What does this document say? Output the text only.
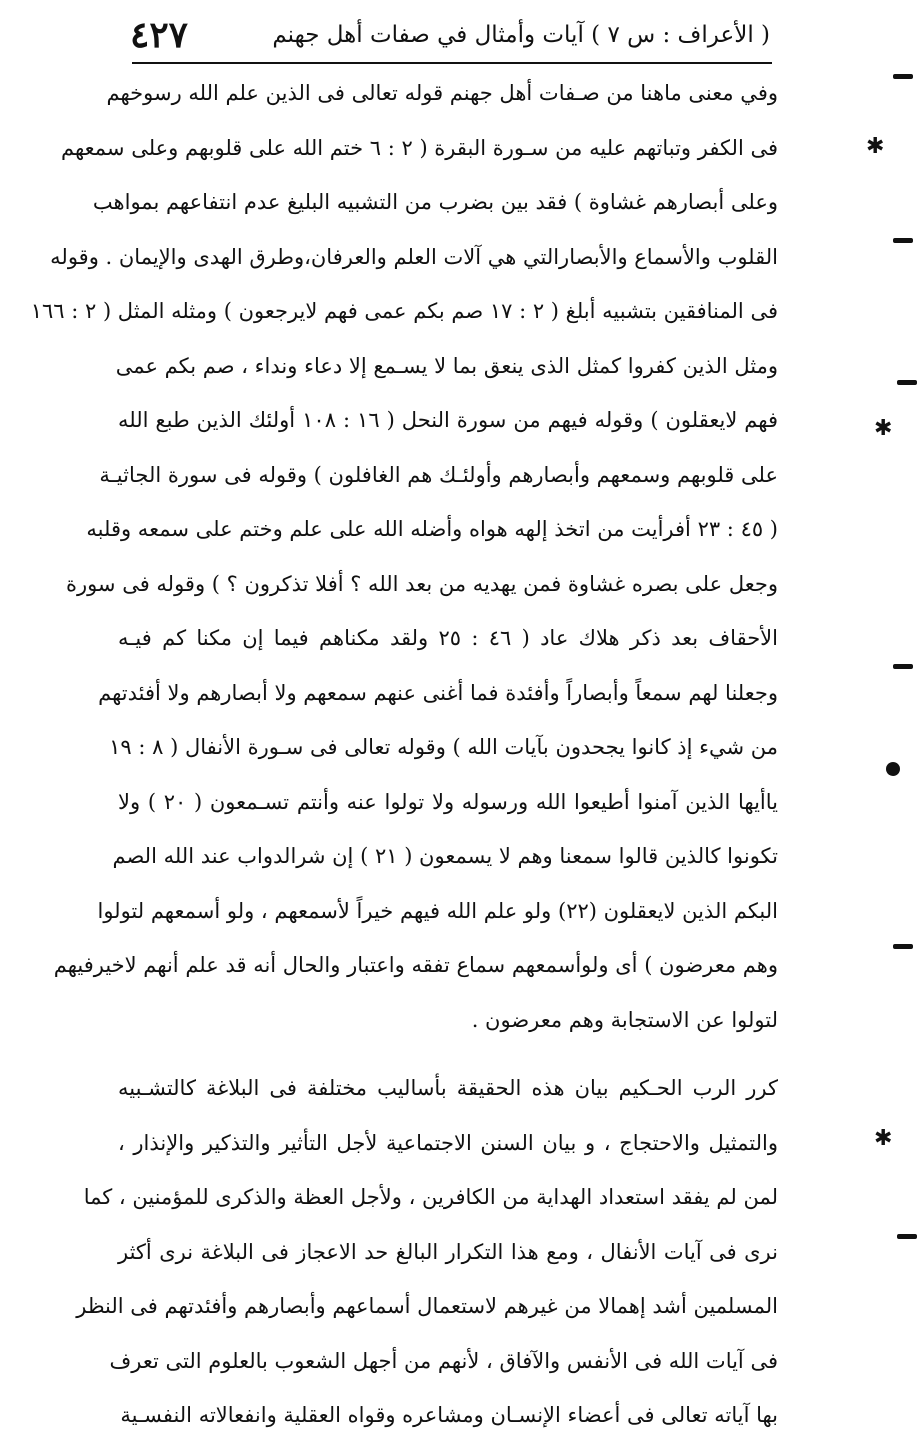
( الأعراف : س ٧ ) آيات وأمثال في صفات أهل جهنم
٤٢٧
وفي معنى ماهنا من صـفات أهل جهنم قوله تعالى فى الذين علم الله رسوخهم
فى الكفر وتباتهم عليه من سـورة البقرة ( ٢ : ٦ ختم الله على قلوبهم وعلى سمعهم
وعلى أبصارهم غشاوة ) فقد بين بضرب من التشبيه البليغ عدم انتفاعهم بمواهب
القلوب والأسماع والأبصارالتي هي آلات العلم والعرفان،وطرق الهدى والإيمان . وقوله
فى المنافقين بتشبيه أبلغ ( ٢ : ١٧ صم بكم عمى فهم لايرجعون ) ومثله المثل ( ٢ : ١٦٦
ومثل الذين كفروا كمثل الذى ينعق بما لا يسـمع إلا دعاء ونداء ، صم بكم عمى
فهم لايعقلون ) وقوله فيهم من سورة النحل ( ١٦ : ١٠٨ أولئك الذين طبع الله
على قلوبهم وسمعهم وأبصارهم وأولئـك هم الغافلون ) وقوله فى سورة الجاثيـة
( ٤٥ : ٢٣ أفرأيت من اتخذ إلهه هواه وأضله الله على علم وختم على سمعه وقلبه
وجعل على بصره غشاوة فمن يهديه من بعد الله ؟ أفلا تذكرون ؟ ) وقوله فى سورة
الأحقاف بعد ذكر هلاك عاد ( ٤٦ : ٢٥ ولقد مكناهم فيما إن مكنا كم فيـه
وجعلنا لهم سمعاً وأبصاراً وأفئدة فما أغنى عنهم سمعهم ولا أبصارهم ولا أفئدتهم
من شيء إذ كانوا يجحدون بآيات الله ) وقوله تعالى فى سـورة الأنفال ( ٨ : ١٩
ياأيها الذين آمنوا أطيعوا الله ورسوله ولا تولوا عنه وأنتم تسـمعون ( ٢٠ ) ولا
تكونوا كالذين قالوا سمعنا وهم لا يسمعون ( ٢١ ) إن شرالدواب عند الله الصم
البكم الذين لايعقلون (٢٢) ولو علم الله فيهم خيراً لأسمعهم ، ولو أسمعهم لتولوا
وهم معرضون ) أى ولوأسمعهم سماع تفقه واعتبار والحال أنه قد علم أنهم لاخيرفيهم
لتولوا عن الاستجابة وهم معرضون .
كرر الرب الحـكيم بيان هذه الحقيقة بأساليب مختلفة فى البلاغة كالتشـبيه
والتمثيل والاحتجاج ، و بيان السنن الاجتماعية لأجل التأثير والتذكير والإنذار ،
لمن لم يفقد استعداد الهداية من الكافرين ، ولأجل العظة والذكرى للمؤمنين ، كما
نرى فى آيات الأنفال ، ومع هذا التكرار البالغ حد الاعجاز فى البلاغة نرى أكثر
المسلمين أشد إهمالا من غيرهم لاستعمال أسماعهم وأبصارهم وأفئدتهم فى النظر
فى آيات الله فى الأنفس والآفاق ، لأنهم من أجهل الشعوب بالعلوم التى تعرف
بها آياته تعالى فى أعضاء الإنسـان ومشاعره وقواه العقلية وانفعالاته النفسـية
✱
✱
✱
